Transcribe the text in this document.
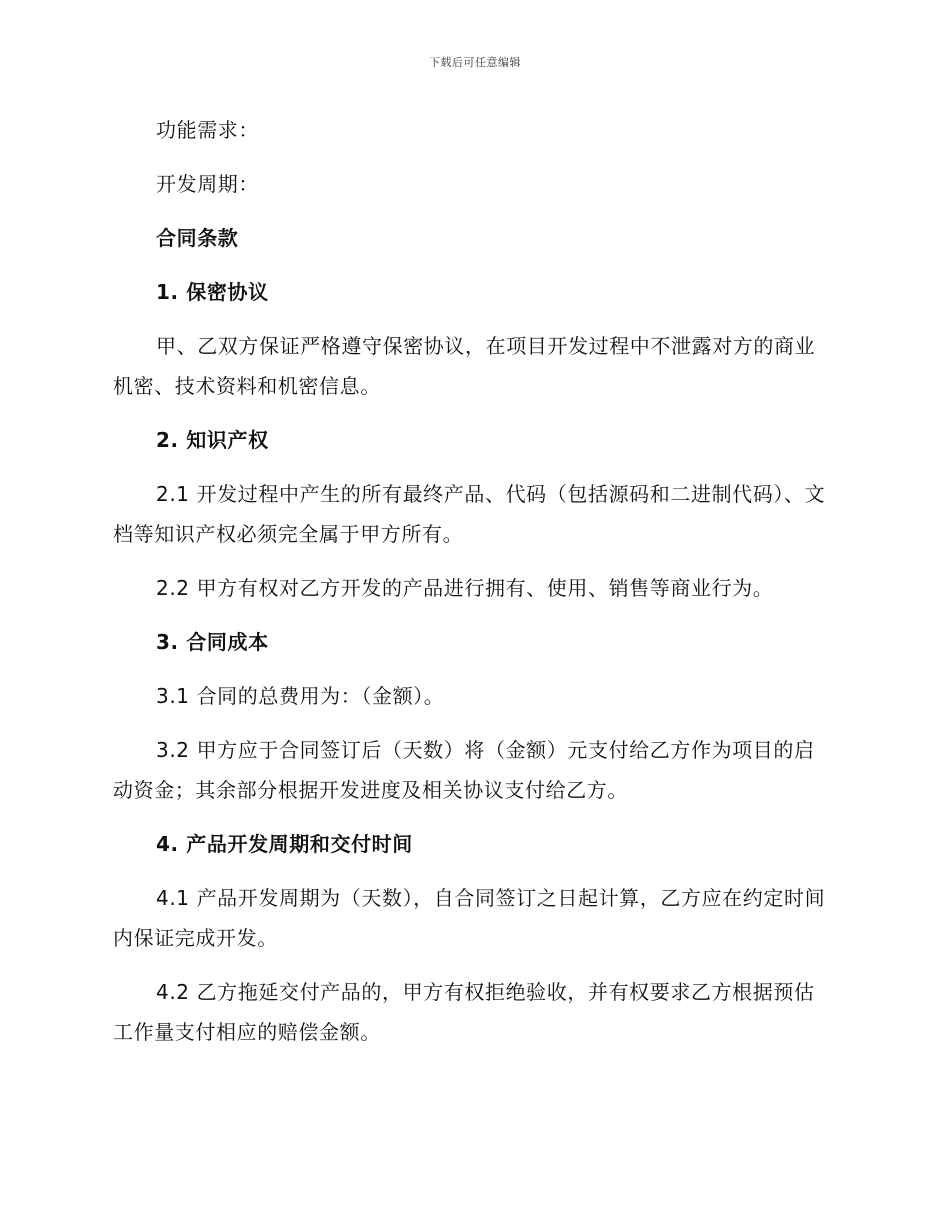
下载后可任意编辑

功能需求：

开发周期：

合同条款

1. 保密协议

甲、乙双方保证严格遵守保密协议，在项目开发过程中不泄露对方的商业机密、技术资料和机密信息。

2. 知识产权

2.1 开发过程中产生的所有最终产品、代码（包括源码和二进制代码）、文档等知识产权必须完全属于甲方所有。

2.2 甲方有权对乙方开发的产品进行拥有、使用、销售等商业行为。

3. 合同成本

3.1 合同的总费用为：（金额）。

3.2 甲方应于合同签订后（天数）将（金额）元支付给乙方作为项目的启动资金；其余部分根据开发进度及相关协议支付给乙方。

4. 产品开发周期和交付时间

4.1 产品开发周期为（天数），自合同签订之日起计算，乙方应在约定时间内保证完成开发。

4.2 乙方拖延交付产品的，甲方有权拒绝验收，并有权要求乙方根据预估工作量支付相应的赔偿金额。
